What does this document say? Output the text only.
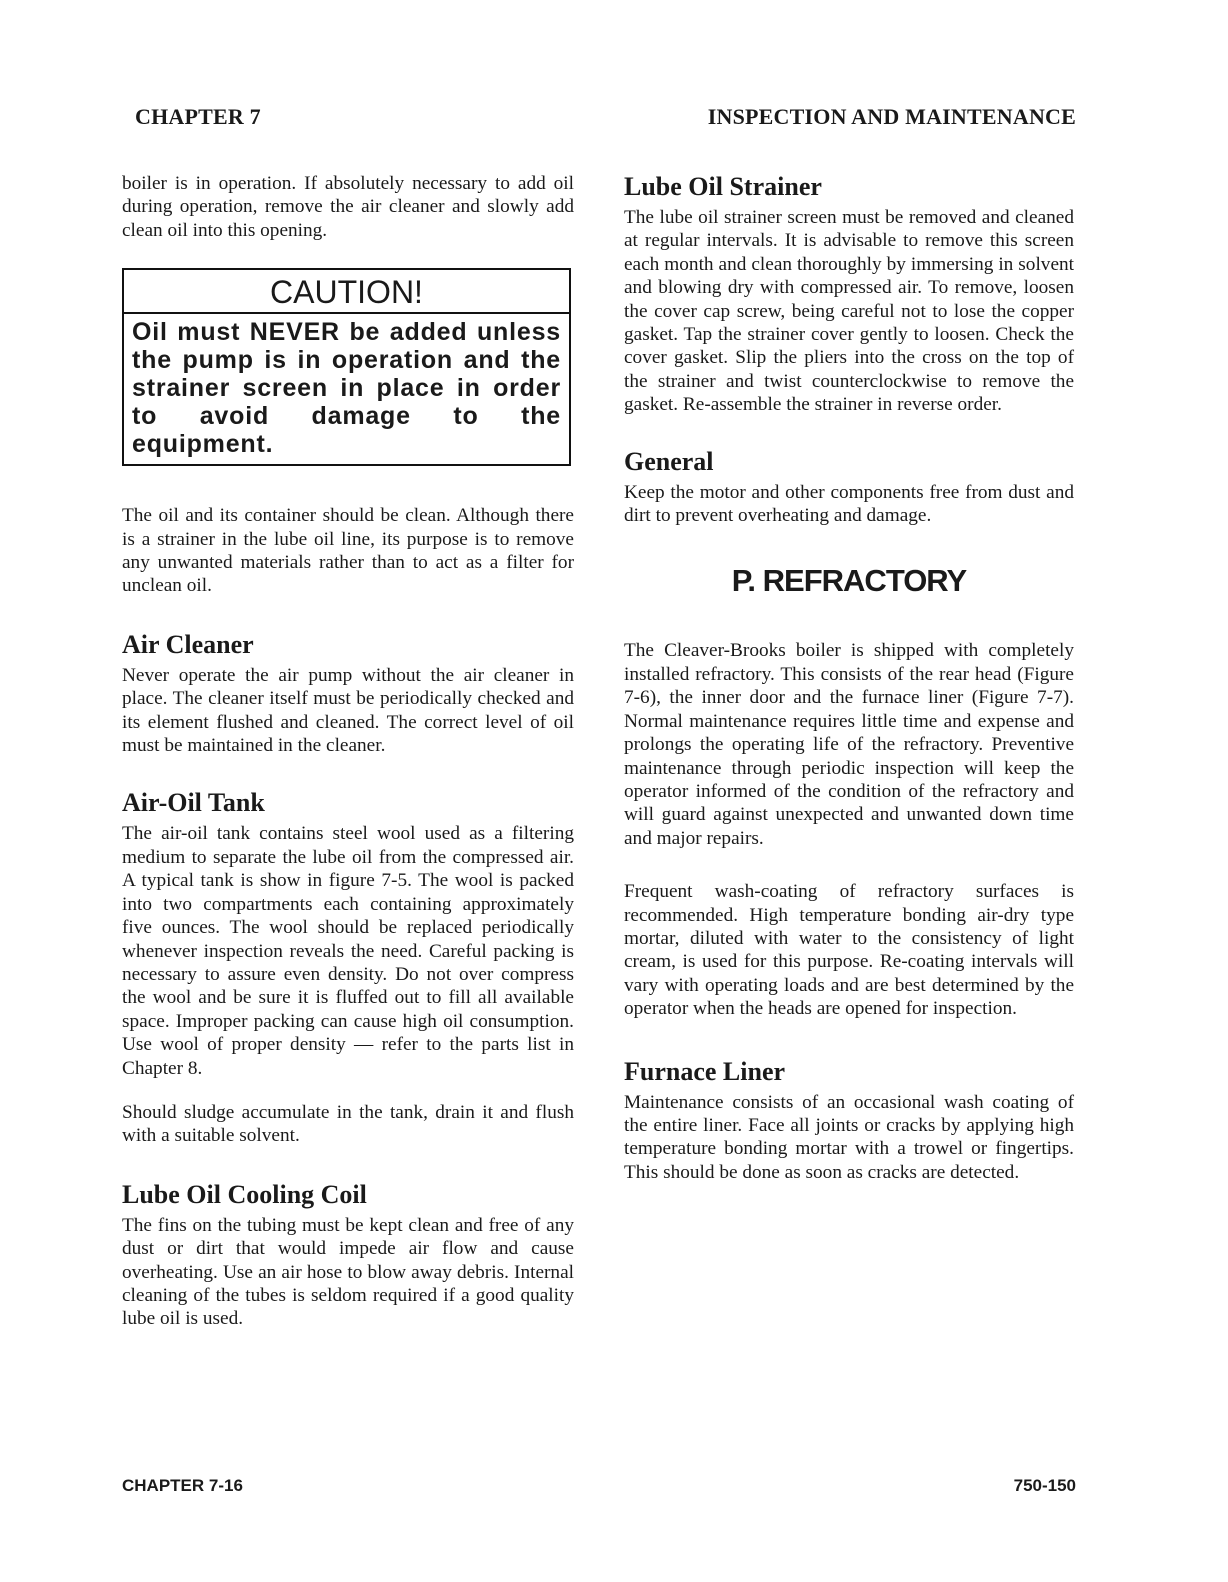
CHAPTER 7	INSPECTION AND MAINTENANCE

boiler is in operation. If absolutely necessary to add oil during operation, remove the air cleaner and slowly add clean oil into this opening.

CAUTION!
Oil must NEVER be added unless the pump is in operation and the strainer screen in place in order to avoid damage to the equipment.

The oil and its container should be clean. Although there is a strainer in the lube oil line, its purpose is to remove any unwanted materials rather than to act as a filter for unclean oil.

Air Cleaner

Never operate the air pump without the air cleaner in place. The cleaner itself must be periodically checked and its element flushed and cleaned. The correct level of oil must be maintained in the cleaner.

Air-Oil Tank

The air-oil tank contains steel wool used as a filtering medium to separate the lube oil from the compressed air. A typical tank is show in figure 7-5. The wool is packed into two compartments each containing approximately five ounces. The wool should be replaced periodically whenever inspection reveals the need. Careful packing is necessary to assure even density. Do not over compress the wool and be sure it is fluffed out to fill all available space. Improper packing can cause high oil consumption. Use wool of proper density — refer to the parts list in Chapter 8.

Should sludge accumulate in the tank, drain it and flush with a suitable solvent.

Lube Oil Cooling Coil

The fins on the tubing must be kept clean and free of any dust or dirt that would impede air flow and cause overheating. Use an air hose to blow away debris. Internal cleaning of the tubes is seldom required if a good quality lube oil is used.

Lube Oil Strainer

The lube oil strainer screen must be removed and cleaned at regular intervals. It is advisable to remove this screen each month and clean thoroughly by immersing in solvent and blowing dry with compressed air. To remove, loosen the cover cap screw, being careful not to lose the copper gasket. Tap the strainer cover gently to loosen. Check the cover gasket. Slip the pliers into the cross on the top of the strainer and twist counterclockwise to remove the gasket. Re-assemble the strainer in reverse order.

General

Keep the motor and other components free from dust and dirt to prevent overheating and damage.

P. REFRACTORY

The Cleaver-Brooks boiler is shipped with completely installed refractory. This consists of the rear head (Figure 7-6), the inner door and the furnace liner (Figure 7-7). Normal maintenance requires little time and expense and prolongs the operating life of the refractory. Preventive maintenance through periodic inspection will keep the operator informed of the condition of the refractory and will guard against unexpected and unwanted down time and major repairs.

Frequent wash-coating of refractory surfaces is recommended. High temperature bonding air-dry type mortar, diluted with water to the consistency of light cream, is used for this purpose. Re-coating intervals will vary with operating loads and are best determined by the operator when the heads are opened for inspection.

Furnace Liner

Maintenance consists of an occasional wash coating of the entire liner. Face all joints or cracks by applying high temperature bonding mortar with a trowel or fingertips. This should be done as soon as cracks are detected.

CHAPTER 7-16	750-150
